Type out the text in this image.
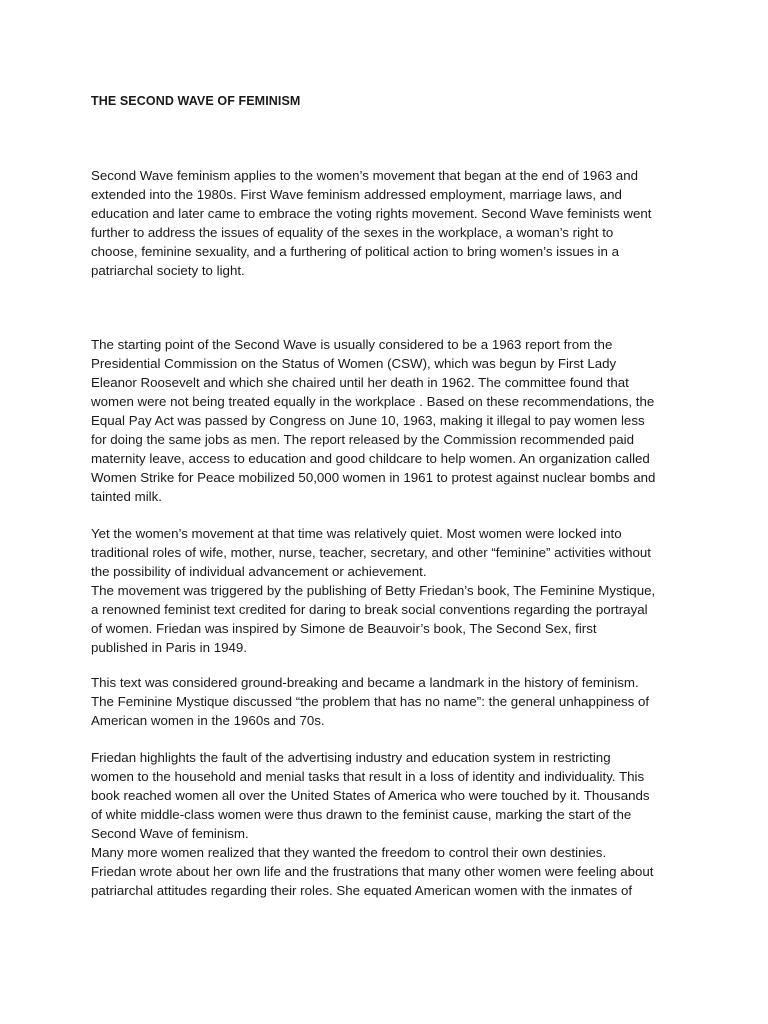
THE SECOND WAVE OF FEMINISM
Second Wave feminism applies to the women’s movement that began at the end of 1963 and
extended into the 1980s. First Wave feminism addressed employment, marriage laws, and
education and later came to embrace the voting rights movement. Second Wave feminists went
further to address the issues of equality of the sexes in the workplace, a woman’s right to
choose, feminine sexuality, and a furthering of political action to bring women’s issues in a
patriarchal society to light.
The starting point of the Second Wave is usually considered to be a 1963 report from the
Presidential Commission on the Status of Women (CSW), which was begun by First Lady
Eleanor Roosevelt and which she chaired until her death in 1962. The committee found that
women were not being treated equally in the workplace . Based on these recommendations, the
Equal Pay Act was passed by Congress on June 10, 1963, making it illegal to pay women less
for doing the same jobs as men. The report released by the Commission recommended paid
maternity leave, access to education and good childcare to help women. An organization called
Women Strike for Peace mobilized 50,000 women in 1961 to protest against nuclear bombs and
tainted milk.
Yet the women’s movement at that time was relatively quiet. Most women were locked into
traditional roles of wife, mother, nurse, teacher, secretary, and other “feminine” activities without
the possibility of individual advancement or achievement.
The movement was triggered by the publishing of Betty Friedan’s book, The Feminine Mystique,
a renowned feminist text credited for daring to break social conventions regarding the portrayal
of women. Friedan was inspired by Simone de Beauvoir’s book, The Second Sex, first
published in Paris in 1949.
This text was considered ground-breaking and became a landmark in the history of feminism.
The Feminine Mystique discussed “the problem that has no name”: the general unhappiness of
American women in the 1960s and 70s.
Friedan highlights the fault of the advertising industry and education system in restricting
women to the household and menial tasks that result in a loss of identity and individuality. This
book reached women all over the United States of America who were touched by it. Thousands
of white middle-class women were thus drawn to the feminist cause, marking the start of the
Second Wave of feminism.
Many more women realized that they wanted the freedom to control their own destinies.
Friedan wrote about her own life and the frustrations that many other women were feeling about
patriarchal attitudes regarding their roles. She equated American women with the inmates of
